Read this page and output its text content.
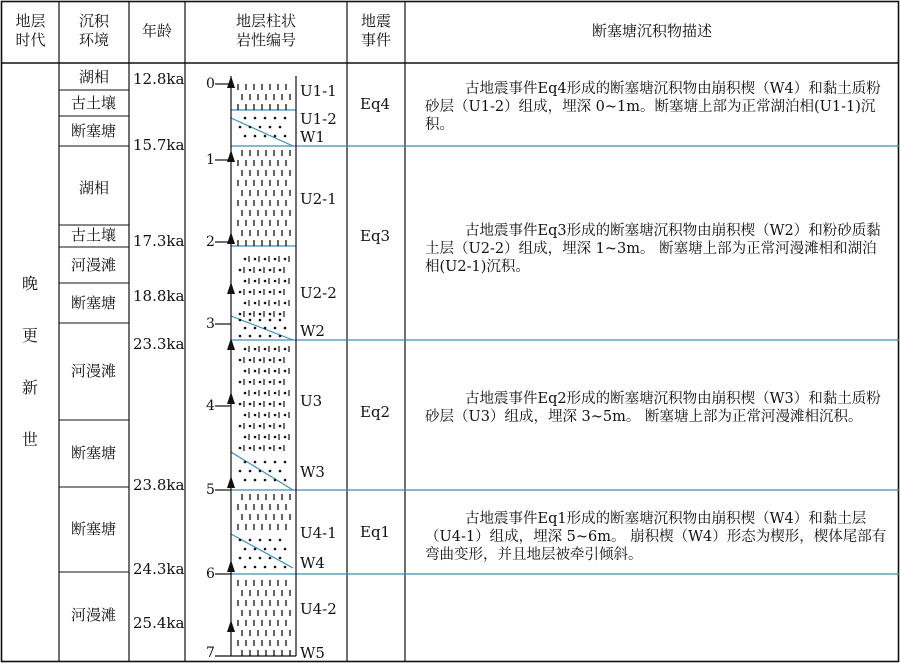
地层
时代
沉积
环境	年龄
地层柱状
岩性编号
地震
事件	断塞塘沉积物描述
晚
更
新
世
湖相
古土壤
断塞塘
湖相
古土壤
河漫滩
断塞塘
河漫滩
断塞塘
断塞塘
河漫滩
12.8ka
15.7ka
17.3ka
18.8ka
23.3ka
23.8ka
24.3ka
25.4ka
0
1
2
3
4
5
6
7
U1-1
U1-2
W1
U2-1
U2-2
W2
U3
W3
U4-1
W4
U4-2
W5
Eq4
Eq3
Eq2
Eq1
古地震事件Eq4形成的断塞塘沉积物由崩积楔（W4）和黏土质粉砂层（U1-2）组成，埋深 0~1m。断塞塘上部为正常湖泊相(U1-1)沉积。
古地震事件Eq3形成的断塞塘沉积物由崩积楔（W2）和粉砂质黏土层（U2-2）组成，埋深 1~3m。 断塞塘上部为正常河漫滩相和湖泊相(U2-1)沉积。
古地震事件Eq2形成的断塞塘沉积物由崩积楔（W3）和黏土质粉砂层（U3）组成，埋深 3~5m。 断塞塘上部为正常河漫滩相沉积。
古地震事件Eq1形成的断塞塘沉积物由崩积楔（W4）和黏土层（U4-1）组成，埋深 5~6m。 崩积楔（W4）形态为楔形，楔体尾部有弯曲变形，并且地层被牵引倾斜。
